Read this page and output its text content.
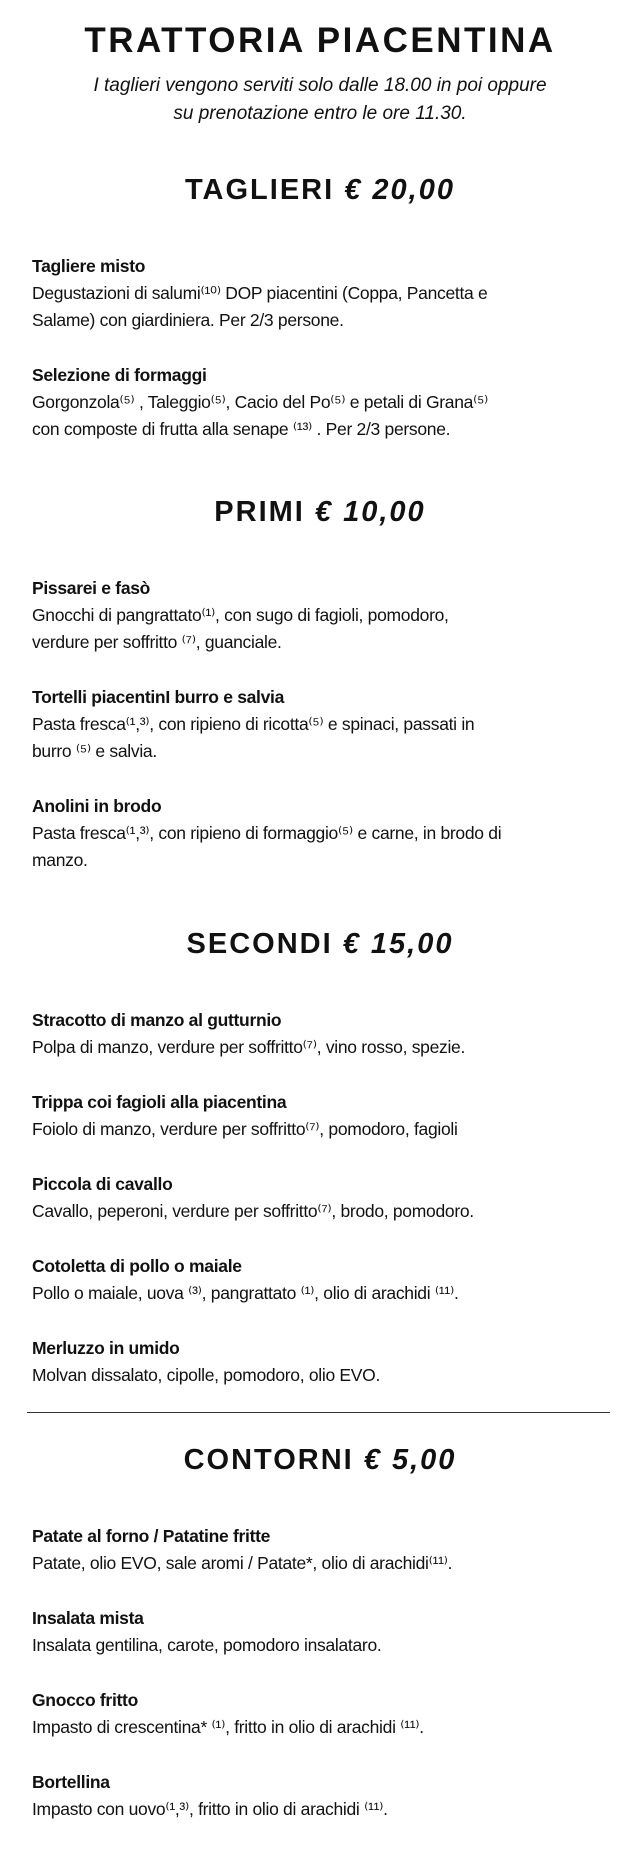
TRATTORIA PIACENTINA
I taglieri vengono serviti solo dalle 18.00 in poi oppure
su prenotazione entro le ore 11.30.
TAGLIERI € 20,00
Tagliere misto
Degustazioni di salumi⁽¹⁰⁾ DOP piacentini (Coppa, Pancetta e
Salame) con giardiniera. Per 2/3 persone.
Selezione di formaggi
Gorgonzola⁽⁵⁾ , Taleggio⁽⁵⁾, Cacio del Po⁽⁵⁾ e petali di Grana⁽⁵⁾
con composte di frutta alla senape ⁽¹³⁾ . Per 2/3 persone.
PRIMI € 10,00
Pissarei e fasò
Gnocchi di pangrattato⁽¹⁾, con sugo di fagioli, pomodoro,
verdure per soffritto ⁽⁷⁾, guanciale.
Tortelli piacentinI burro e salvia
Pasta fresca⁽¹,³⁾, con ripieno di ricotta⁽⁵⁾ e spinaci, passati in
burro ⁽⁵⁾ e salvia.
Anolini in brodo
Pasta fresca⁽¹,³⁾, con ripieno di formaggio⁽⁵⁾ e carne, in brodo di
manzo.
SECONDI € 15,00
Stracotto di manzo al gutturnio
Polpa di manzo, verdure per soffritto⁽⁷⁾, vino rosso, spezie.
Trippa coi fagioli alla piacentina
Foiolo di manzo, verdure per soffritto⁽⁷⁾, pomodoro, fagioli
Piccola di cavallo
Cavallo, peperoni, verdure per soffritto⁽⁷⁾, brodo, pomodoro.
Cotoletta di pollo o maiale
Pollo o maiale, uova ⁽³⁾, pangrattato ⁽¹⁾, olio di arachidi ⁽¹¹⁾.
Merluzzo in umido
Molvan dissalato, cipolle, pomodoro, olio EVO.
CONTORNI € 5,00
Patate al forno / Patatine fritte
Patate, olio EVO, sale aromi / Patate*, olio di arachidi⁽¹¹⁾.
Insalata mista
Insalata gentilina, carote, pomodoro insalataro.
Gnocco fritto
Impasto di crescentina* ⁽¹⁾, fritto in olio di arachidi ⁽¹¹⁾.
Bortellina
Impasto con uovo⁽¹,³⁾, fritto in olio di arachidi ⁽¹¹⁾.
